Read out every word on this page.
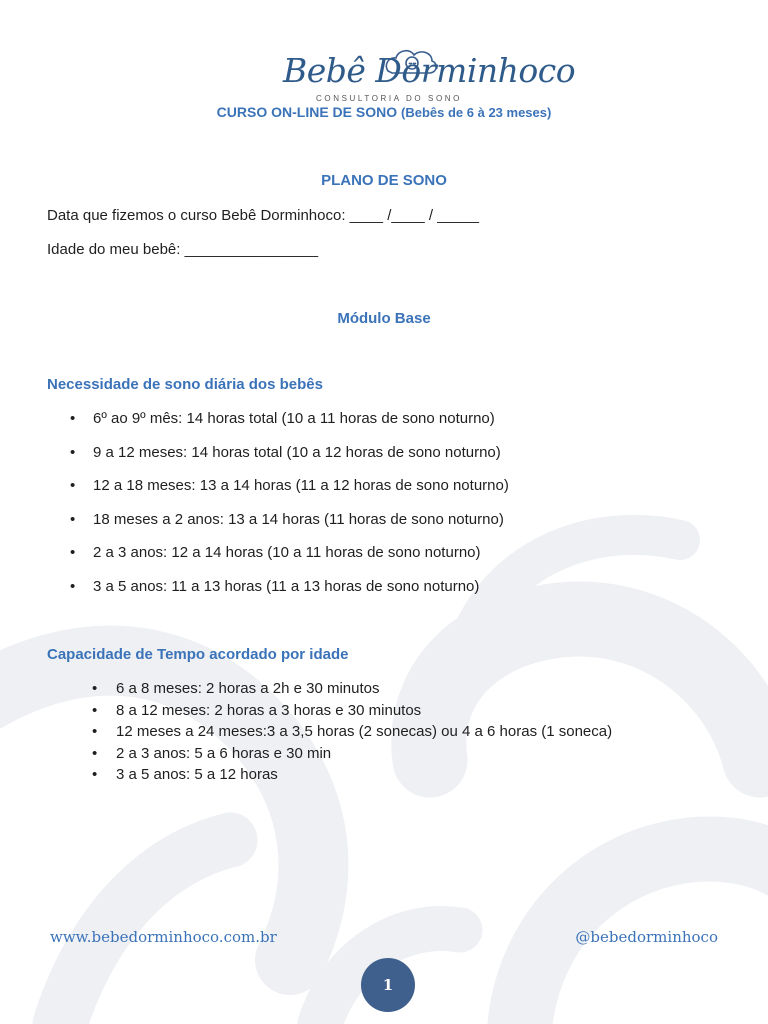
Bebê Dorminhoco
CONSULTORIA DO SONO
CURSO ON-LINE DE SONO (Bebês de 6 à 23 meses)
PLANO DE SONO
Data que fizemos o curso Bebê Dorminhoco: ____ /____ / _____
Idade do meu bebê: ________________
Módulo Base
Necessidade de sono diária dos bebês
• 6º ao 9º mês: 14 horas total (10 a 11 horas de sono noturno)
• 9 a 12 meses: 14 horas total (10 a 12 horas de sono noturno)
• 12 a 18 meses: 13 a 14 horas (11 a 12 horas de sono noturno)
• 18 meses a 2 anos: 13 a 14 horas (11 horas de sono noturno)
• 2 a 3 anos: 12 a 14 horas (10 a 11 horas de sono noturno)
• 3 a 5 anos: 11 a 13 horas (11 a 13 horas de sono noturno)
Capacidade de Tempo acordado por idade
• 6 a 8 meses: 2 horas a 2h e 30 minutos
• 8 a 12 meses: 2 horas a 3 horas e 30 minutos
• 12 meses a 24 meses:3 a 3,5 horas (2 sonecas) ou 4 a 6 horas (1 soneca)
• 2 a 3 anos: 5 a 6 horas e 30 min
• 3 a 5 anos: 5 a 12 horas
www.bebedorminhoco.com.br	@bebedorminhoco
1
